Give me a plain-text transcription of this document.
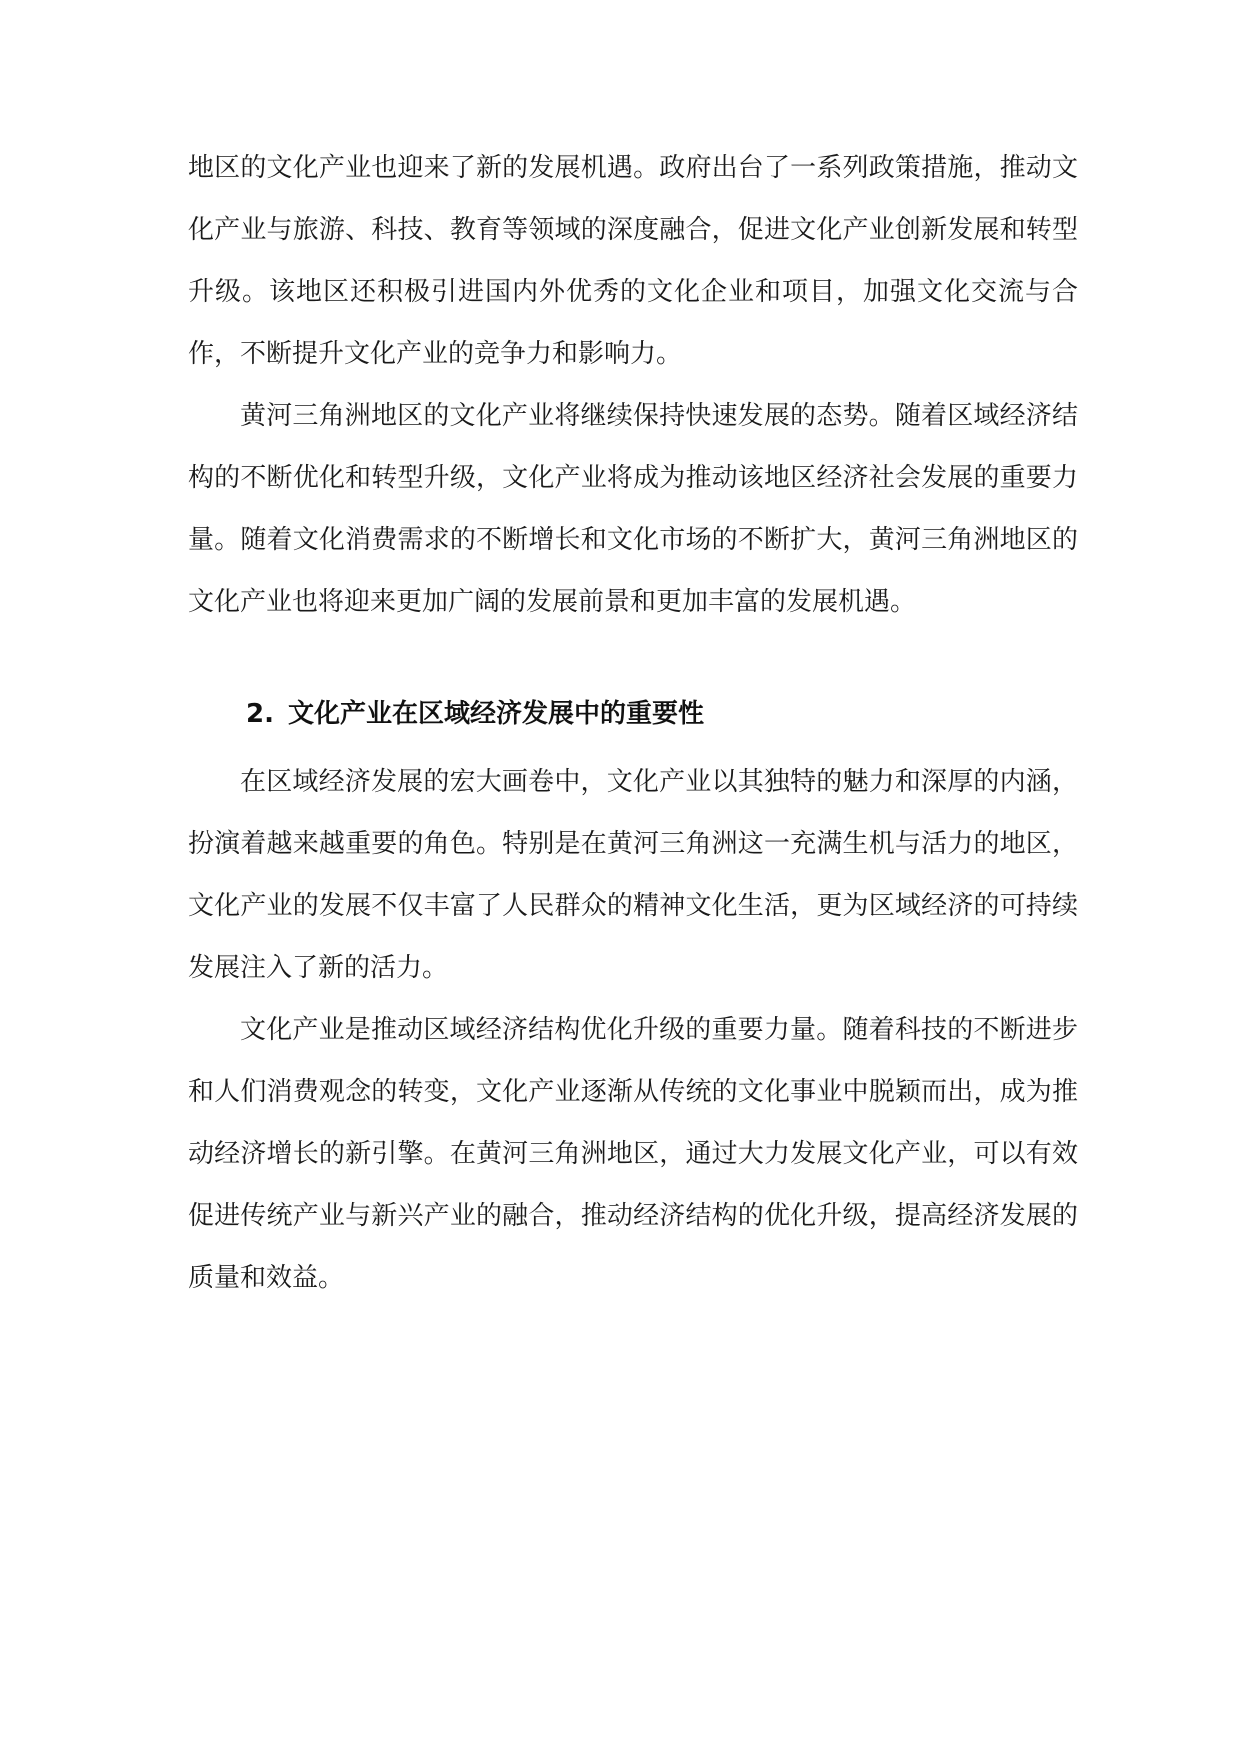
地区的文化产业也迎来了新的发展机遇。政府出台了一系列政策措施，推动文化产业与旅游、科技、教育等领域的深度融合，促进文化产业创新发展和转型升级。该地区还积极引进国内外优秀的文化企业和项目，加强文化交流与合作，不断提升文化产业的竞争力和影响力。

黄河三角洲地区的文化产业将继续保持快速发展的态势。随着区域经济结构的不断优化和转型升级，文化产业将成为推动该地区经济社会发展的重要力量。随着文化消费需求的不断增长和文化市场的不断扩大，黄河三角洲地区的文化产业也将迎来更加广阔的发展前景和更加丰富的发展机遇。

2. 文化产业在区域经济发展中的重要性

在区域经济发展的宏大画卷中，文化产业以其独特的魅力和深厚的内涵，扮演着越来越重要的角色。特别是在黄河三角洲这一充满生机与活力的地区，文化产业的发展不仅丰富了人民群众的精神文化生活，更为区域经济的可持续发展注入了新的活力。

文化产业是推动区域经济结构优化升级的重要力量。随着科技的不断进步和人们消费观念的转变，文化产业逐渐从传统的文化事业中脱颖而出，成为推动经济增长的新引擎。在黄河三角洲地区，通过大力发展文化产业，可以有效促进传统产业与新兴产业的融合，推动经济结构的优化升级，提高经济发展的质量和效益。
